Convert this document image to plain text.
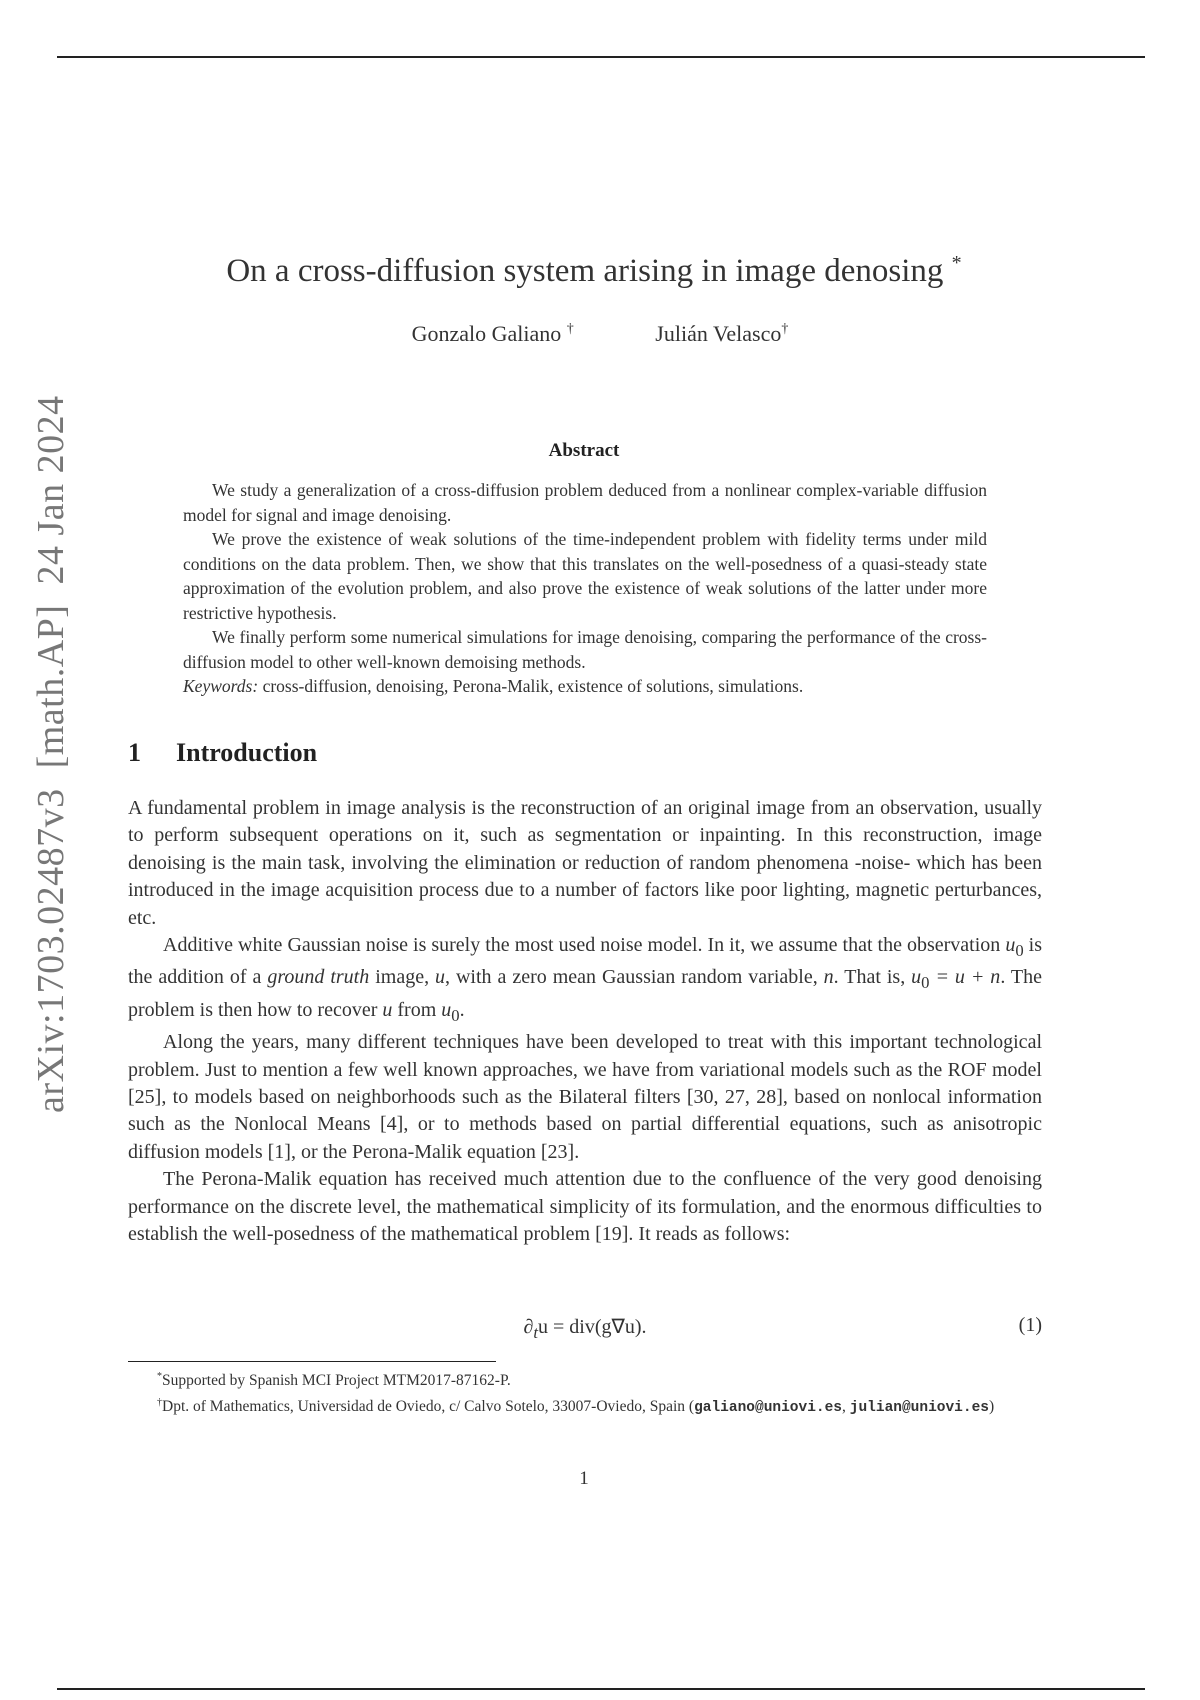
arXiv:1703.02487v3  [math.AP]  24 Jan 2024
On a cross-diffusion system arising in image denosing *
Gonzalo Galiano †	Julián Velasco†
Abstract

We study a generalization of a cross-diffusion problem deduced from a nonlinear complex-variable diffusion model for signal and image denoising.

We prove the existence of weak solutions of the time-independent problem with fidelity terms under mild conditions on the data problem. Then, we show that this translates on the well-posedness of a quasi-steady state approximation of the evolution problem, and also prove the existence of weak solutions of the latter under more restrictive hypothesis.

We finally perform some numerical simulations for image denoising, comparing the performance of the cross-diffusion model to other well-known demoising methods.

Keywords: cross-diffusion, denoising, Perona-Malik, existence of solutions, simulations.

1 Introduction

A fundamental problem in image analysis is the reconstruction of an original image from an observation, usually to perform subsequent operations on it, such as segmentation or inpainting. In this reconstruction, image denoising is the main task, involving the elimination or reduction of random phenomena -noise- which has been introduced in the image acquisition process due to a number of factors like poor lighting, magnetic perturbances, etc.

Additive white Gaussian noise is surely the most used noise model. In it, we assume that the observation $u_0$ is the addition of a ground truth image, u, with a zero mean Gaussian random variable, n. That is, $u_0 = u + n$. The problem is then how to recover u from $u_0$.

Along the years, many different techniques have been developed to treat with this important technological problem. Just to mention a few well known approaches, we have from variational models such as the ROF model [25], to models based on neighborhoods such as the Bilateral filters [30, 27, 28], based on nonlocal information such as the Nonlocal Means [4], or to methods based on partial differential equations, such as anisotropic diffusion models [1], or the Perona-Malik equation [23].

The Perona-Malik equation has received much attention due to the confluence of the very good denoising performance on the discrete level, the mathematical simplicity of its formulation, and the enormous difficulties to establish the well-posedness of the mathematical problem [19]. It reads as follows:

$\partial_tu = div(g\nabla u)$.	(1)

*Supported by Spanish MCI Project MTM2017-87162-P.

†Dpt. of Mathematics, Universidad de Oviedo, c/ Calvo Sotelo, 33007-Oviedo, Spain (galiano@uniovi.es, julian@uniovi.es)

1
